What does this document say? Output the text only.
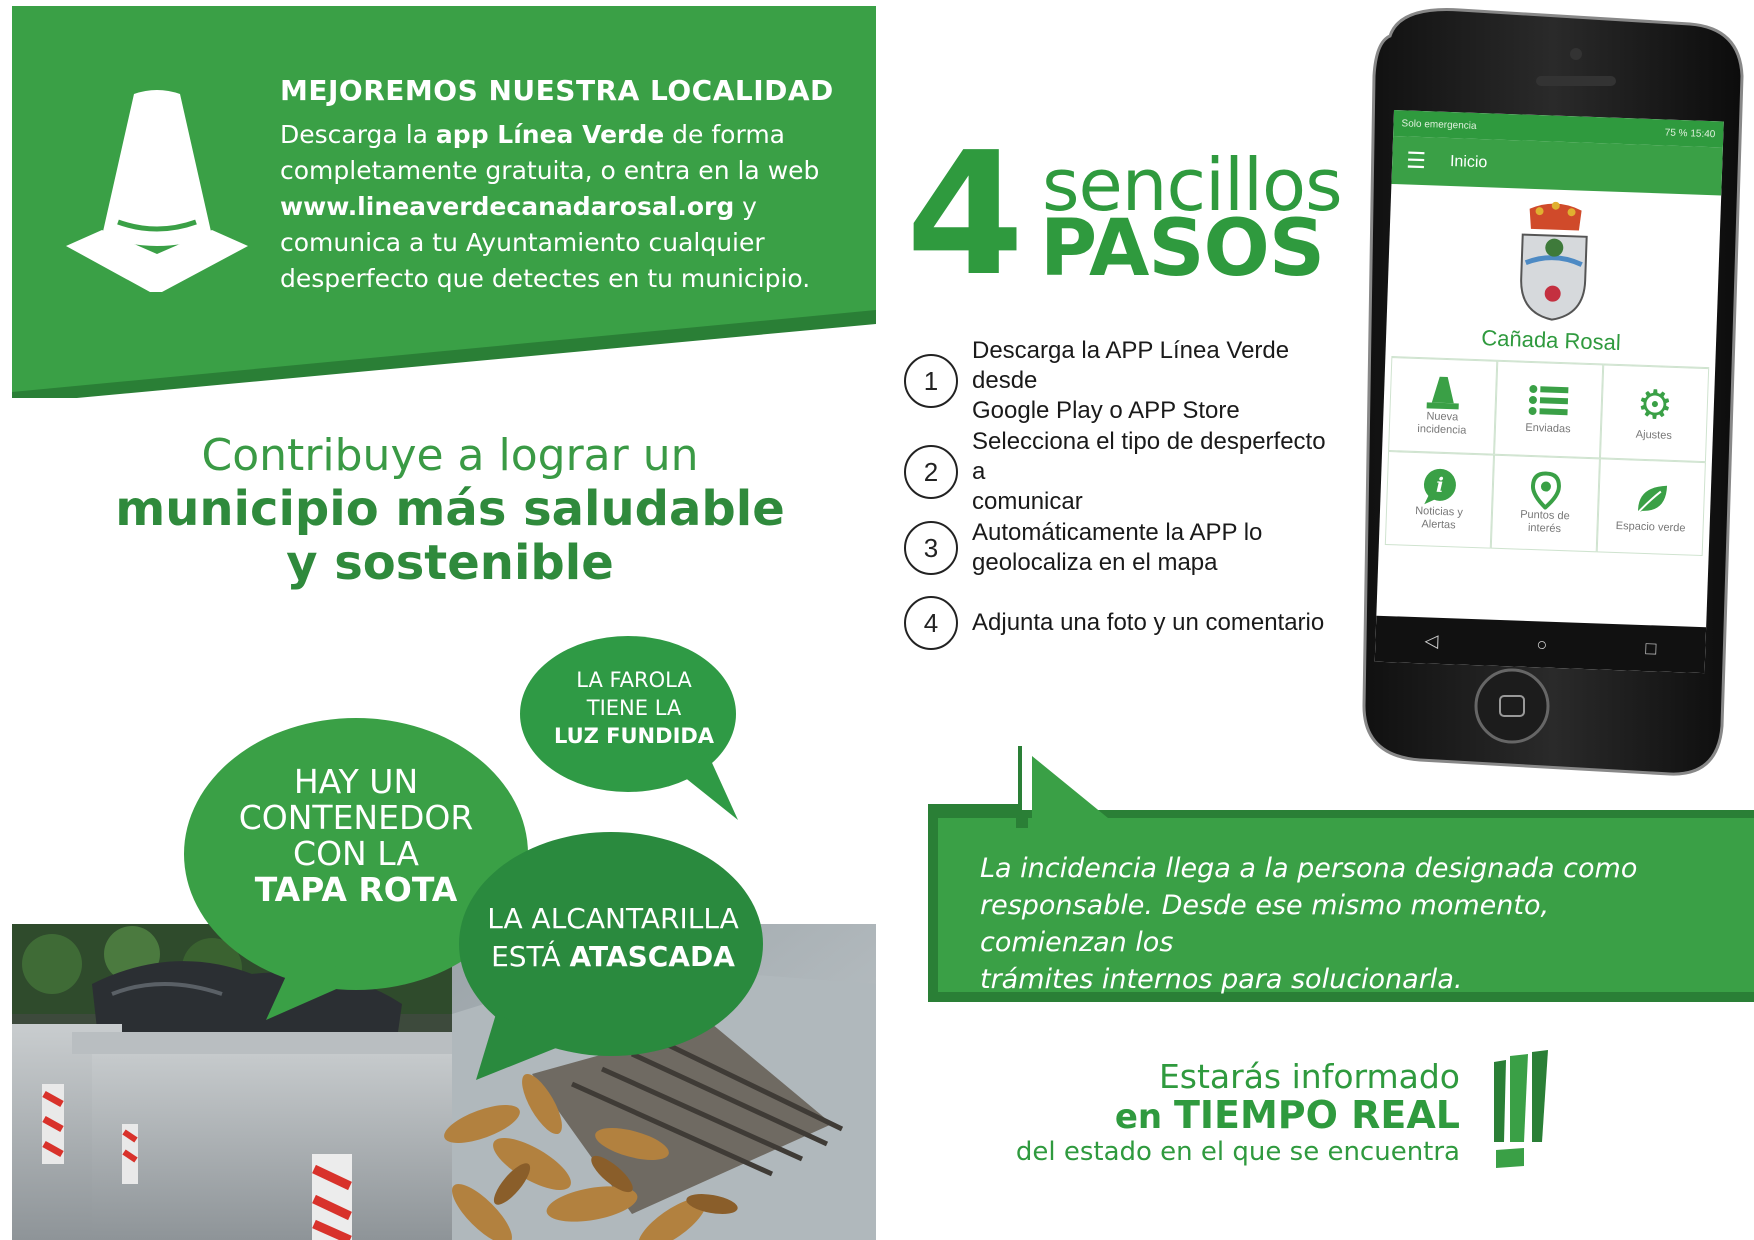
MEJOREMOS NUESTRA LOCALIDAD
Descarga la app Línea Verde de forma
completamente gratuita, o entra en la web
www.lineaverdecanadarosal.org y
comunica a tu Ayuntamiento cualquier
desperfecto que detectes en tu municipio.
Contribuye a lograr un
municipio más saludable
y sostenible
LA FAROLA
TIENE LA
LUZ FUNDIDA
HAY UN
CONTENEDOR
CON LA
TAPA ROTA
LA ALCANTARILLA
ESTÁ ATASCADA
4 sencillos
PASOS
1
Descarga la APP Línea Verde desde
Google Play o APP Store
2
Selecciona el tipo de desperfecto a
comunicar
3	Automáticamente la APP lo
geolocaliza en el mapa
4	Adjunta una foto y un comentario
Solo emergencia
75 % 15:40
☰ Inicio
Cañada Rosal
Nueva
incidencia	Enviadas
⚙
Ajustes
i
Noticias y
Alertas
Puntos de
interés	Espacio verde
◁	○	□
La incidencia llega a la persona designada como
responsable. Desde ese mismo momento, comienzan los
trámites internos para solucionarla.
Estarás informado
en TIEMPO REAL
del estado en el que se encuentra
